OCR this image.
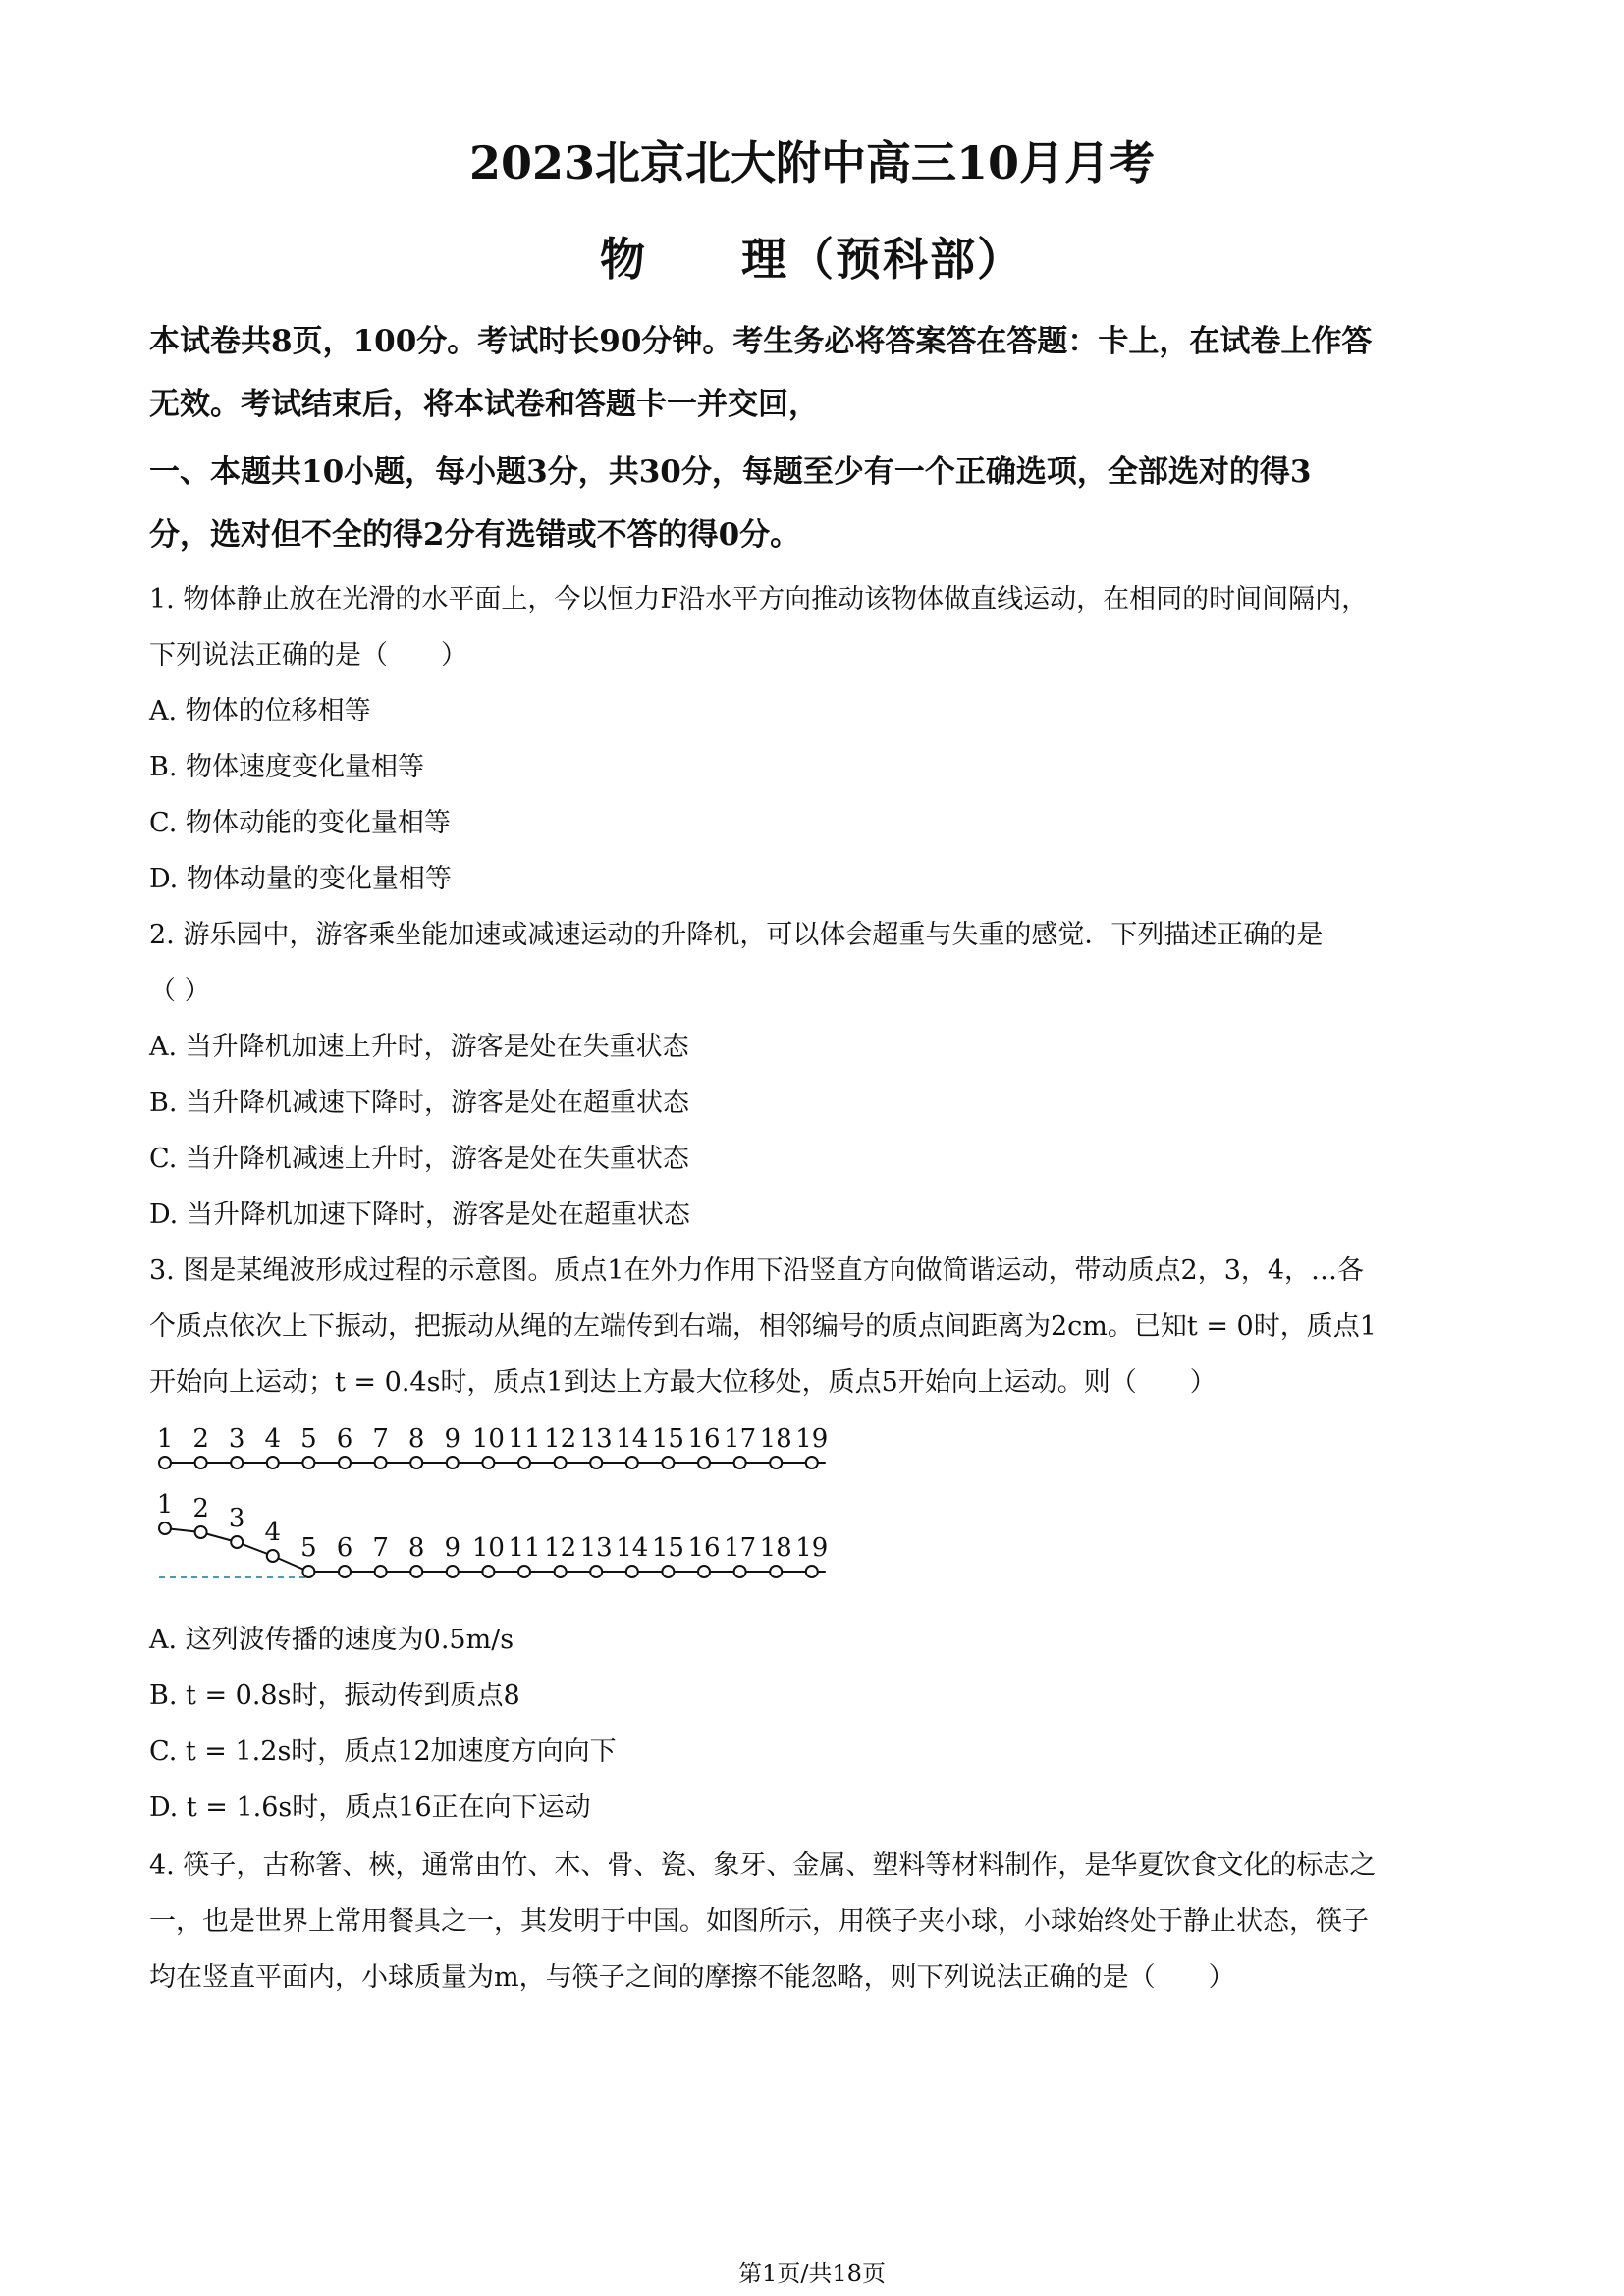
2023北京北大附中高三10月月考
物　　理（预科部）
本试卷共8页，100分。考试时长90分钟。考生务必将答案答在答题：卡上，在试卷上作答
无效。考试结束后，将本试卷和答题卡一并交回，
一、本题共10小题，每小题3分，共30分，每题至少有一个正确选项，全部选对的得3
分，选对但不全的得2分有选错或不答的得0分。
1. 物体静止放在光滑的水平面上，今以恒力F沿水平方向推动该物体做直线运动，在相同的时间间隔内，
下列说法正确的是（　　）
A. 物体的位移相等
B. 物体速度变化量相等
C. 物体动能的变化量相等
D. 物体动量的变化量相等
2. 游乐园中，游客乘坐能加速或减速运动的升降机，可以体会超重与失重的感觉．下列描述正确的是
（ ）
A. 当升降机加速上升时，游客是处在失重状态
B. 当升降机减速下降时，游客是处在超重状态
C. 当升降机减速上升时，游客是处在失重状态
D. 当升降机加速下降时，游客是处在超重状态
3. 图是某绳波形成过程的示意图。质点1在外力作用下沿竖直方向做简谐运动，带动质点2，3，4，…各
个质点依次上下振动，把振动从绳的左端传到右端，相邻编号的质点间距离为2cm。已知t = 0时，质点1
开始向上运动；t = 0.4s时，质点1到达上方最大位移处，质点5开始向上运动。则（　　）
1 2 3 4 5 6 7 8 9 10 11 12 13 14 15 16 17 18 19
1 2 3 4
5 6 7 8 9 10 11 12 13 14 15 16 17 18 19
A. 这列波传播的速度为0.5m/s
B. t = 0.8s时，振动传到质点8
C. t = 1.2s时，质点12加速度方向向下
D. t = 1.6s时，质点16正在向下运动
4. 筷子，古称箸、梜，通常由竹、木、骨、瓷、象牙、金属、塑料等材料制作，是华夏饮食文化的标志之
一，也是世界上常用餐具之一，其发明于中国。如图所示，用筷子夹小球，小球始终处于静止状态，筷子
均在竖直平面内，小球质量为m，与筷子之间的摩擦不能忽略，则下列说法正确的是（　　）
第1页/共18页
